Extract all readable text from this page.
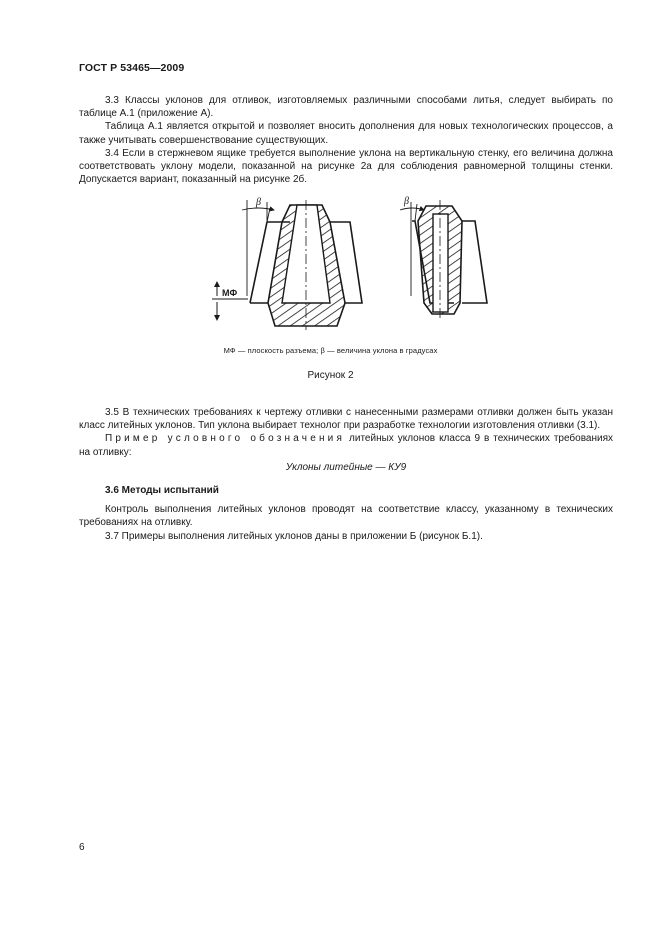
ГОСТ Р 53465—2009

3.3 Классы уклонов для отливок, изготовляемых различными способами литья, следует выбирать по таблице А.1 (приложение А).

Таблица А.1 является открытой и позволяет вносить дополнения для новых технологических процессов, а также учитывать совершенствование существующих.

3.4 Если в стержневом ящике требуется выполнение уклона на вертикальную стенку, его величина должна соответствовать уклону модели, показанной на рисунке 2а для соблюдения равномерной толщины стенки. Допускается вариант, показанный на рисунке 2б.

МФ
β	β
МФ — плоскость разъема; β — величина уклона в градусах
Рисунок 2

3.5 В технических требованиях к чертежу отливки с нанесенными размерами отливки должен быть указан класс литейных уклонов. Тип уклона выбирает технолог при разработке технологии изготовления отливки (3.1).

Пример условного обозначения литейных уклонов класса 9 в технических требованиях на отливку:

Уклоны литейные — КУ9

3.6 Методы испытаний

Контроль выполнения литейных уклонов проводят на соответствие классу, указанному в технических требованиях на отливку.

3.7 Примеры выполнения литейных уклонов даны в приложении Б (рисунок Б.1).

6
